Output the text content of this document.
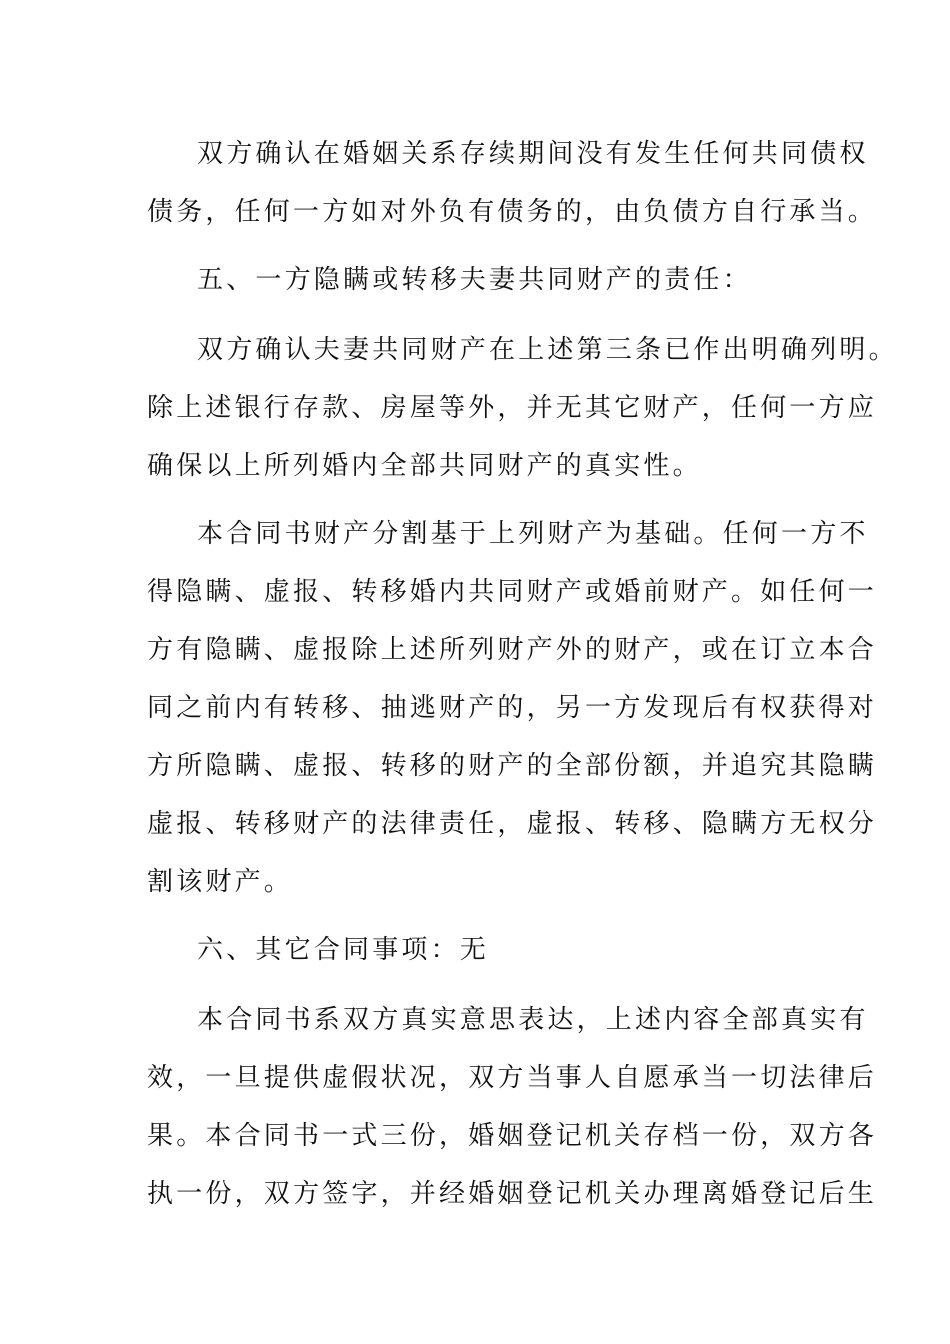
双方确认在婚姻关系存续期间没有发生任何共同债权
债务，任何一方如对外负有债务的，由负债方自行承当。
五、一方隐瞒或转移夫妻共同财产的责任：
双方确认夫妻共同财产在上述第三条已作出明确列明。
除上述银行存款、房屋等外，并无其它财产，任何一方应
确保以上所列婚内全部共同财产的真实性。
本合同书财产分割基于上列财产为基础。任何一方不
得隐瞒、虚报、转移婚内共同财产或婚前财产。如任何一
方有隐瞒、虚报除上述所列财产外的财产，或在订立本合
同之前内有转移、抽逃财产的，另一方发现后有权获得对
方所隐瞒、虚报、转移的财产的全部份额，并追究其隐瞒
虚报、转移财产的法律责任，虚报、转移、隐瞒方无权分
割该财产。
六、其它合同事项：无
本合同书系双方真实意思表达，上述内容全部真实有
效，一旦提供虚假状况，双方当事人自愿承当一切法律后
果。本合同书一式三份，婚姻登记机关存档一份，双方各
执一份，双方签字，并经婚姻登记机关办理离婚登记后生
